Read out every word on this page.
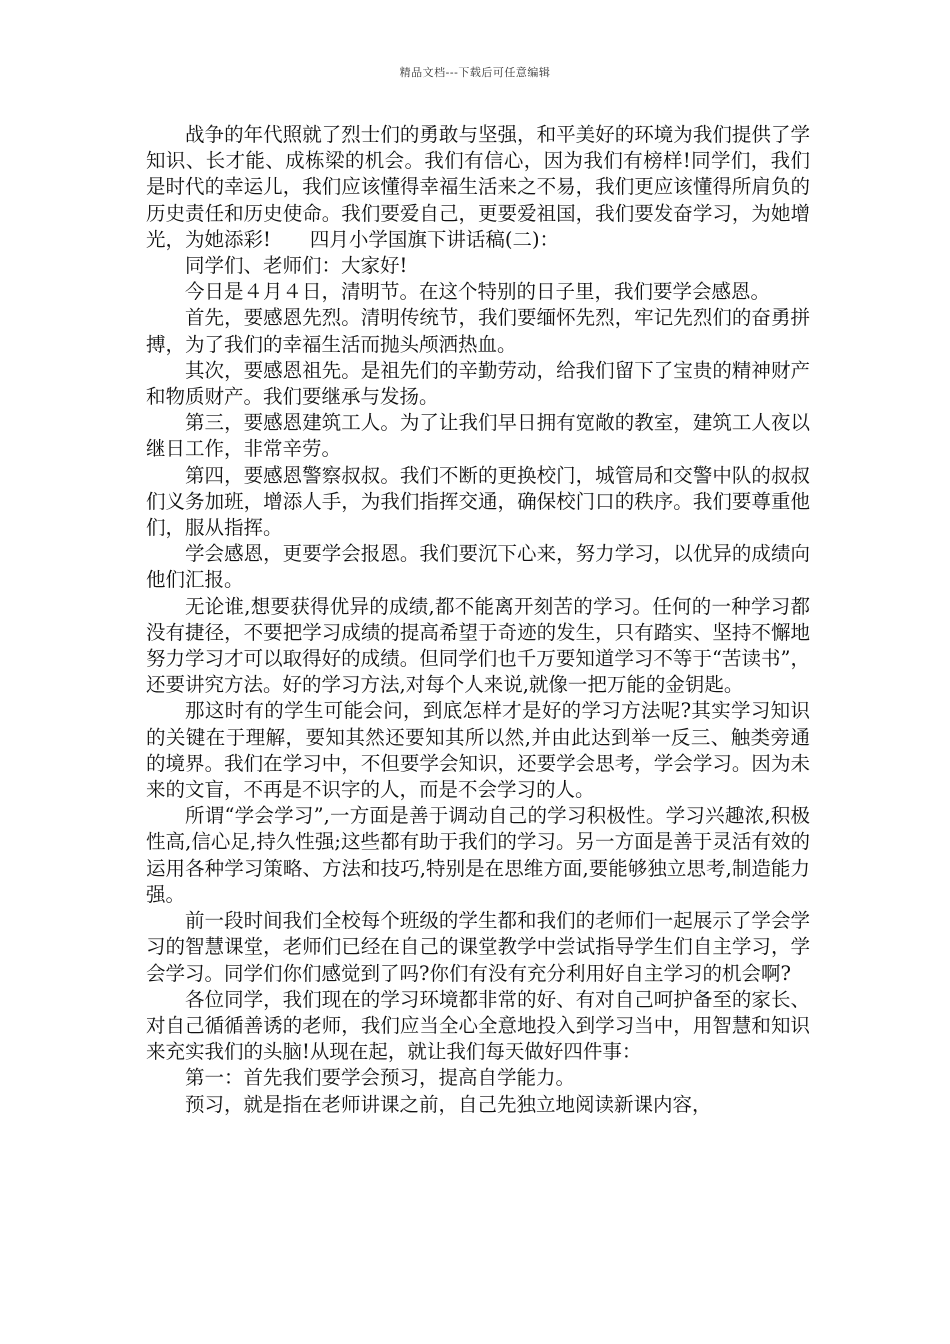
精品文档---下载后可任意编辑

战争的年代照就了烈士们的勇敢与坚强，和平美好的环境为我们提供了学知识、长才能、成栋梁的机会。我们有信心，因为我们有榜样!同学们，我们是时代的幸运儿，我们应该懂得幸福生活来之不易，我们更应该懂得所肩负的历史责任和历史使命。我们要爱自己，更要爱祖国，我们要发奋学习，为她增光，为她添彩!　　四月小学国旗下讲话稿(二)：

同学们、老师们：大家好!

今日是４月４日，清明节。在这个特别的日子里，我们要学会感恩。

首先，要感恩先烈。清明传统节，我们要缅怀先烈，牢记先烈们的奋勇拼搏，为了我们的幸福生活而抛头颅洒热血。

其次，要感恩祖先。是祖先们的辛勤劳动，给我们留下了宝贵的精神财产和物质财产。我们要继承与发扬。

第三，要感恩建筑工人。为了让我们早日拥有宽敞的教室，建筑工人夜以继日工作，非常辛劳。

第四，要感恩警察叔叔。我们不断的更换校门，城管局和交警中队的叔叔们义务加班，增添人手，为我们指挥交通，确保校门口的秩序。我们要尊重他们，服从指挥。

学会感恩，更要学会报恩。我们要沉下心来，努力学习，以优异的成绩向他们汇报。

无论谁,想要获得优异的成绩,都不能离开刻苦的学习。任何的一种学习都没有捷径，不要把学习成绩的提高希望于奇迹的发生，只有踏实、坚持不懈地努力学习才可以取得好的成绩。但同学们也千万要知道学习不等于“苦读书”，还要讲究方法。好的学习方法,对每个人来说,就像一把万能的金钥匙。

那这时有的学生可能会问，到底怎样才是好的学习方法呢?其实学习知识的关键在于理解，要知其然还要知其所以然,并由此达到举一反三、触类旁通的境界。我们在学习中，不但要学会知识，还要学会思考，学会学习。因为未来的文盲，不再是不识字的人，而是不会学习的人。

所谓“学会学习”,一方面是善于调动自己的学习积极性。学习兴趣浓,积极性高,信心足,持久性强;这些都有助于我们的学习。另一方面是善于灵活有效的运用各种学习策略、方法和技巧,特别是在思维方面,要能够独立思考,制造能力强。

前一段时间我们全校每个班级的学生都和我们的老师们一起展示了学会学习的智慧课堂，老师们已经在自己的课堂教学中尝试指导学生们自主学习，学会学习。同学们你们感觉到了吗?你们有没有充分利用好自主学习的机会啊?

各位同学，我们现在的学习环境都非常的好、有对自己呵护备至的家长、对自己循循善诱的老师，我们应当全心全意地投入到学习当中，用智慧和知识来充实我们的头脑!从现在起，就让我们每天做好四件事：

第一：首先我们要学会预习，提高自学能力。

预习，就是指在老师讲课之前，自己先独立地阅读新课内容，
